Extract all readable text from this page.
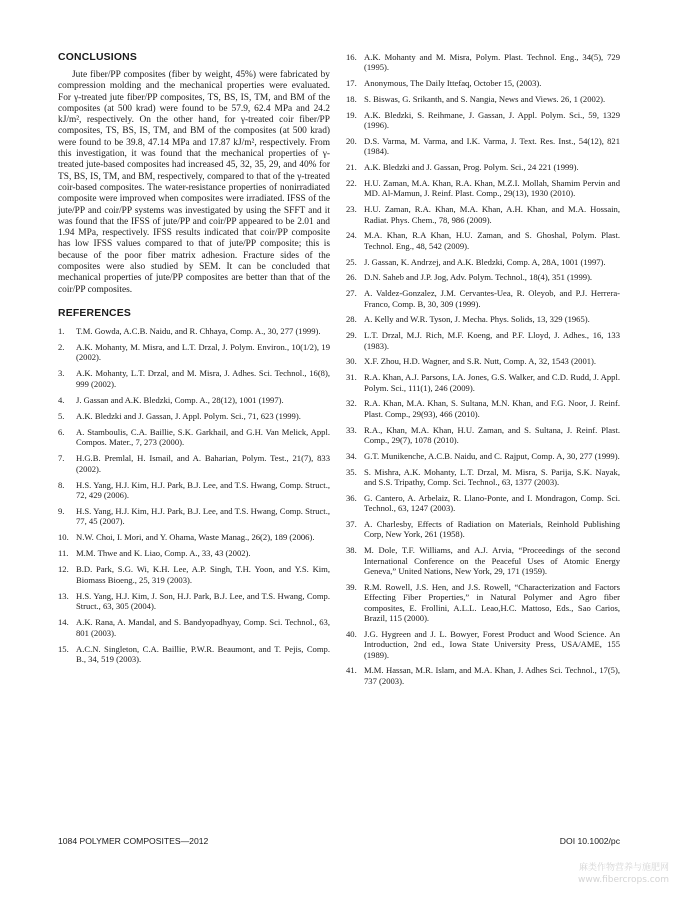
CONCLUSIONS

Jute fiber/PP composites (fiber by weight, 45%) were fabricated by compression molding and the mechanical properties were evaluated. For γ-treated jute fiber/PP composites, TS, BS, IS, TM, and BM of the composites (at 500 krad) were found to be 57.9, 62.4 MPa and 24.2 kJ/m², respectively. On the other hand, for γ-treated coir fiber/PP composites, TS, BS, IS, TM, and BM of the composites (at 500 krad) were found to be 39.8, 47.14 MPa and 17.87 kJ/m², respectively. From this investigation, it was found that the mechanical properties of γ-treated jute-based composites had increased 45, 32, 35, 29, and 40% for TS, BS, IS, TM, and BM, respectively, compared to that of the γ-treated coir-based composites. The water-resistance properties of nonirradiated composite were improved when composites were irradiated. IFSS of the jute/PP and coir/PP systems was investigated by using the SFFT and it was found that the IFSS of jute/PP and coir/PP appeared to be 2.01 and 1.94 MPa, respectively. IFSS results indicated that coir/PP composite has low IFSS values compared to that of jute/PP composite; this is because of the poor fiber matrix adhesion. Fracture sides of the composites were also studied by SEM. It can be concluded that mechanical properties of jute/PP composites are better than that of the coir/PP composites.

REFERENCES
1. T.M. Gowda, A.C.B. Naidu, and R. Chhaya, Comp. A., 30, 277 (1999).
2. A.K. Mohanty, M. Misra, and L.T. Drzal, J. Polym. Environ., 10(1/2), 19 (2002).
3. A.K. Mohanty, L.T. Drzal, and M. Misra, J. Adhes. Sci. Technol., 16(8), 999 (2002).
4. J. Gassan and A.K. Bledzki, Comp. A., 28(12), 1001 (1997).
5. A.K. Bledzki and J. Gassan, J. Appl. Polym. Sci., 71, 623 (1999).
6. A. Stamboulis, C.A. Baillie, S.K. Garkhail, and G.H. Van Melick, Appl. Compos. Mater., 7, 273 (2000).
7. H.G.B. Premlal, H. Ismail, and A. Baharian, Polym. Test., 21(7), 833 (2002).
8. H.S. Yang, H.J. Kim, H.J. Park, B.J. Lee, and T.S. Hwang, Comp. Struct., 72, 429 (2006).
9. H.S. Yang, H.J. Kim, H.J. Park, B.J. Lee, and T.S. Hwang, Comp. Struct., 77, 45 (2007).
10. N.W. Choi, I. Mori, and Y. Ohama, Waste Manag., 26(2), 189 (2006).
11. M.M. Thwe and K. Liao, Comp. A., 33, 43 (2002).
12. B.D. Park, S.G. Wi, K.H. Lee, A.P. Singh, T.H. Yoon, and Y.S. Kim, Biomass Bioeng., 25, 319 (2003).
13. H.S. Yang, H.J. Kim, J. Son, H.J. Park, B.J. Lee, and T.S. Hwang, Comp. Struct., 63, 305 (2004).
14. A.K. Rana, A. Mandal, and S. Bandyopadhyay, Comp. Sci. Technol., 63, 801 (2003).
15. A.C.N. Singleton, C.A. Baillie, P.W.R. Beaumont, and T. Pejis, Comp. B., 34, 519 (2003).
16. A.K. Mohanty and M. Misra, Polym. Plast. Technol. Eng., 34(5), 729 (1995).
17. Anonymous, The Daily Ittefaq, October 15, (2003).
18. S. Biswas, G. Srikanth, and S. Nangia, News and Views. 26, 1 (2002).
19. A.K. Bledzki, S. Reihmane, J. Gassan, J. Appl. Polym. Sci., 59, 1329 (1996).
20. D.S. Varma, M. Varma, and I.K. Varma, J. Text. Res. Inst., 54(12), 821 (1984).
21. A.K. Bledzki and J. Gassan, Prog. Polym. Sci., 24 221 (1999).
22. H.U. Zaman, M.A. Khan, R.A. Khan, M.Z.I. Mollah, Shamim Pervin and MD. Al-Mamun, J. Reinf. Plast. Comp., 29(13), 1930 (2010).
23. H.U. Zaman, R.A. Khan, M.A. Khan, A.H. Khan, and M.A. Hossain, Radiat. Phys. Chem., 78, 986 (2009).
24. M.A. Khan, R.A Khan, H.U. Zaman, and S. Ghoshal, Polym. Plast. Technol. Eng., 48, 542 (2009).
25. J. Gassan, K. Andrzej, and A.K. Bledzki, Comp. A, 28A, 1001 (1997).
26. D.N. Saheb and J.P. Jog, Adv. Polym. Technol., 18(4), 351 (1999).
27. A. Valdez-Gonzalez, J.M. Cervantes-Uea, R. Oleyob, and P.J. Herrera-Franco, Comp. B, 30, 309 (1999).
28. A. Kelly and W.R. Tyson, J. Mecha. Phys. Solids, 13, 329 (1965).
29. L.T. Drzal, M.J. Rich, M.F. Koeng, and P.F. Lloyd, J. Adhes., 16, 133 (1983).
30. X.F. Zhou, H.D. Wagner, and S.R. Nutt, Comp. A, 32, 1543 (2001).
31. R.A. Khan, A.J. Parsons, I.A. Jones, G.S. Walker, and C.D. Rudd, J. Appl. Polym. Sci., 111(1), 246 (2009).
32. R.A. Khan, M.A. Khan, S. Sultana, M.N. Khan, and F.G. Noor, J. Reinf. Plast. Comp., 29(93), 466 (2010).
33. R.A., Khan, M.A. Khan, H.U. Zaman, and S. Sultana, J. Reinf. Plast. Comp., 29(7), 1078 (2010).
34. G.T. Munikenche, A.C.B. Naidu, and C. Rajput, Comp. A, 30, 277 (1999).
35. S. Mishra, A.K. Mohanty, L.T. Drzal, M. Misra, S. Parija, S.K. Nayak, and S.S. Tripathy, Comp. Sci. Technol., 63, 1377 (2003).
36. G. Cantero, A. Arbelaiz, R. Llano-Ponte, and I. Mondragon, Comp. Sci. Technol., 63, 1247 (2003).
37. A. Charlesby, Effects of Radiation on Materials, Reinhold Publishing Corp, New York, 261 (1958).
38. M. Dole, T.F. Williams, and A.J. Arvia, “Proceedings of the second International Conference on the Peaceful Uses of Atomic Energy Geneva,” United Nations, New York, 29, 171 (1959).
39. R.M. Rowell, J.S. Hen, and J.S. Rowell, “Characterization and Factors Effecting Fiber Properties,” in Natural Polymer and Agro fiber composites, E. Frollini, A.L.L. Leao,H.C. Mattoso, Eds., Sao Carios, Brazil, 115 (2000).
40. J.G. Hygreen and J. L. Bowyer, Forest Product and Wood Science. An Introduction, 2nd ed., Iowa State University Press, USA/AME, 155 (1989).
41. M.M. Hassan, M.R. Islam, and M.A. Khan, J. Adhes Sci. Technol., 17(5), 737 (2003).
1084 POLYMER COMPOSITES—2012	DOI 10.1002/pc
麻类作物营养与施肥网
www.fibercrops.com
